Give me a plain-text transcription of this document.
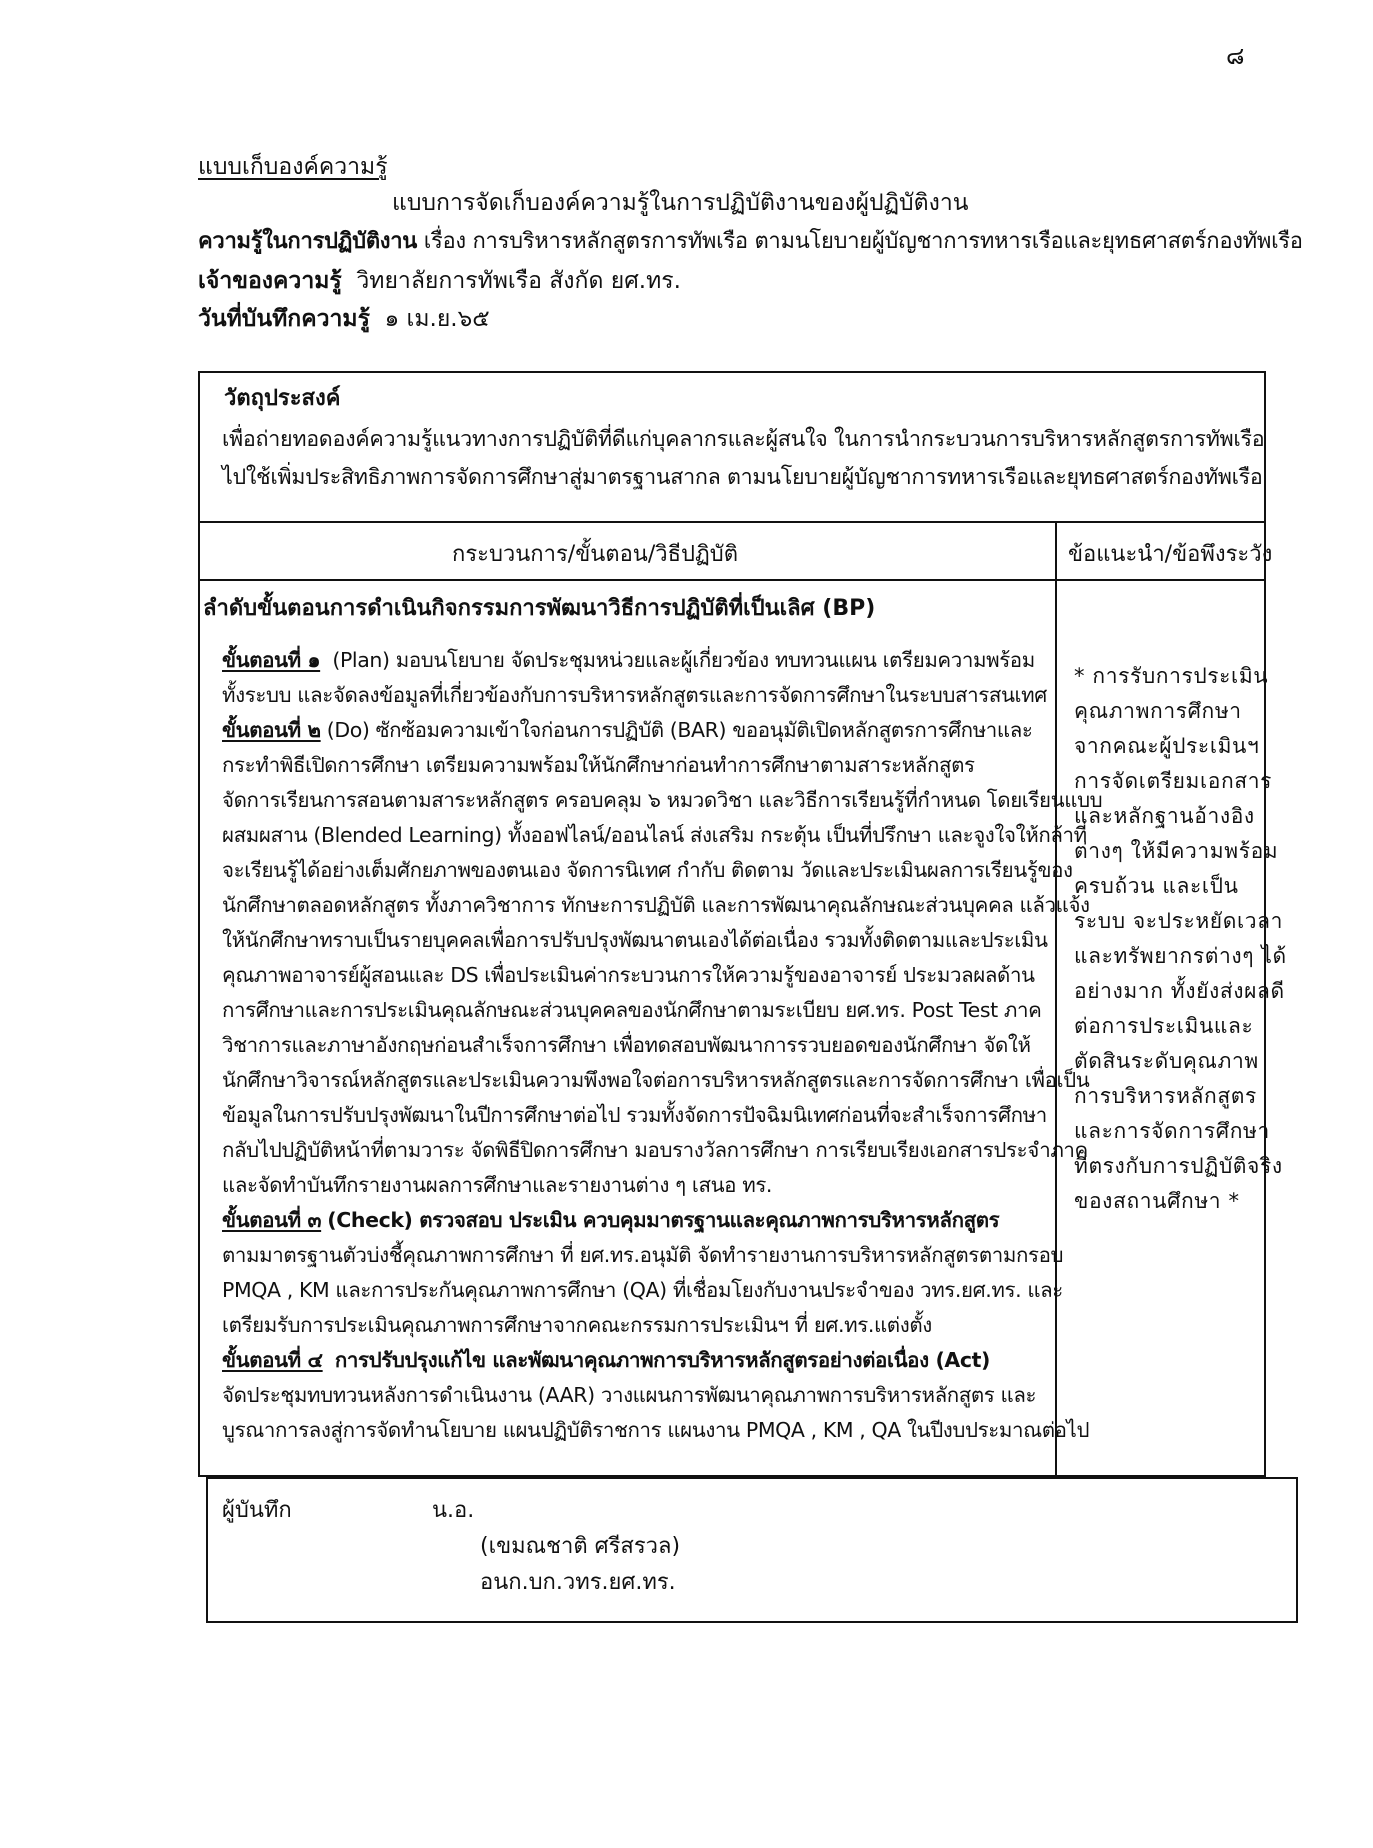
๘
แบบเก็บองค์ความรู้
แบบการจัดเก็บองค์ความรู้ในการปฏิบัติงานของผู้ปฏิบัติงาน
ความรู้ในการปฏิบัติงาน เรื่อง การบริหารหลักสูตรการทัพเรือ ตามนโยบายผู้บัญชาการทหารเรือและยุทธศาสตร์กองทัพเรือ
เจ้าของความรู้ วิทยาลัยการทัพเรือ สังกัด ยศ.ทร.
วันที่บันทึกความรู้ ๑ เม.ย.๖๕
วัตถุประสงค์
เพื่อถ่ายทอดองค์ความรู้แนวทางการปฏิบัติที่ดีแก่บุคลากรและผู้สนใจ ในการนำกระบวนการบริหารหลักสูตรการทัพเรือ
ไปใช้เพิ่มประสิทธิภาพการจัดการศึกษาสู่มาตรฐานสากล ตามนโยบายผู้บัญชาการทหารเรือและยุทธศาสตร์กองทัพเรือ
กระบวนการ/ขั้นตอน/วิธีปฏิบัติ	ข้อแนะนำ/ข้อพึงระวัง
ลำดับขั้นตอนการดำเนินกิจกรรมการพัฒนาวิธีการปฏิบัติที่เป็นเลิศ (BP)
ขั้นตอนที่ ๑ (Plan) มอบนโยบาย จัดประชุมหน่วยและผู้เกี่ยวข้อง ทบทวนแผน เตรียมความพร้อม
ทั้งระบบ และจัดลงข้อมูลที่เกี่ยวข้องกับการบริหารหลักสูตรและการจัดการศึกษาในระบบสารสนเทศ
ขั้นตอนที่ ๒ (Do) ซักซ้อมความเข้าใจก่อนการปฏิบัติ (BAR) ขออนุมัติเปิดหลักสูตรการศึกษาและ
กระทำพิธีเปิดการศึกษา เตรียมความพร้อมให้นักศึกษาก่อนทำการศึกษาตามสาระหลักสูตร
จัดการเรียนการสอนตามสาระหลักสูตร ครอบคลุม ๖ หมวดวิชา และวิธีการเรียนรู้ที่กำหนด โดยเรียนแบบ
ผสมผสาน (Blended Learning) ทั้งออฟไลน์/ออนไลน์ ส่งเสริม กระตุ้น เป็นที่ปรึกษา และจูงใจให้กล้าที่
จะเรียนรู้ได้อย่างเต็มศักยภาพของตนเอง จัดการนิเทศ กำกับ ติดตาม วัดและประเมินผลการเรียนรู้ของ
นักศึกษาตลอดหลักสูตร ทั้งภาควิชาการ ทักษะการปฏิบัติ และการพัฒนาคุณลักษณะส่วนบุคคล แล้วแจ้ง
ให้นักศึกษาทราบเป็นรายบุคคลเพื่อการปรับปรุงพัฒนาตนเองได้ต่อเนื่อง รวมทั้งติดตามและประเมิน
คุณภาพอาจารย์ผู้สอนและ DS เพื่อประเมินค่ากระบวนการให้ความรู้ของอาจารย์ ประมวลผลด้าน
การศึกษาและการประเมินคุณลักษณะส่วนบุคคลของนักศึกษาตามระเบียบ ยศ.ทร. Post Test ภาค
วิชาการและภาษาอังกฤษก่อนสำเร็จการศึกษา เพื่อทดสอบพัฒนาการรวบยอดของนักศึกษา จัดให้
นักศึกษาวิจารณ์หลักสูตรและประเมินความพึงพอใจต่อการบริหารหลักสูตรและการจัดการศึกษา เพื่อเป็น
ข้อมูลในการปรับปรุงพัฒนาในปีการศึกษาต่อไป รวมทั้งจัดการปัจฉิมนิเทศก่อนที่จะสำเร็จการศึกษา
กลับไปปฏิบัติหน้าที่ตามวาระ จัดพิธีปิดการศึกษา มอบรางวัลการศึกษา การเรียบเรียงเอกสารประจำภาค
และจัดทำบันทึกรายงานผลการศึกษาและรายงานต่าง ๆ เสนอ ทร.
ขั้นตอนที่ ๓ (Check) ตรวจสอบ ประเมิน ควบคุมมาตรฐานและคุณภาพการบริหารหลักสูตร
ตามมาตรฐานตัวบ่งชี้คุณภาพการศึกษา ที่ ยศ.ทร.อนุมัติ จัดทำรายงานการบริหารหลักสูตรตามกรอบ
PMQA , KM และการประกันคุณภาพการศึกษา (QA) ที่เชื่อมโยงกับงานประจำของ วทร.ยศ.ทร. และ
เตรียมรับการประเมินคุณภาพการศึกษาจากคณะกรรมการประเมินฯ ที่ ยศ.ทร.แต่งตั้ง
ขั้นตอนที่ ๔ การปรับปรุงแก้ไข และพัฒนาคุณภาพการบริหารหลักสูตรอย่างต่อเนื่อง (Act)
จัดประชุมทบทวนหลังการดำเนินงาน (AAR) วางแผนการพัฒนาคุณภาพการบริหารหลักสูตร และ
บูรณาการลงสู่การจัดทำนโยบาย แผนปฏิบัติราชการ แผนงาน PMQA , KM , QA ในปีงบประมาณต่อไป
* การรับการประเมิน
คุณภาพการศึกษา
จากคณะผู้ประเมินฯ
การจัดเตรียมเอกสาร
และหลักฐานอ้างอิง
ต่างๆ ให้มีความพร้อม
ครบถ้วน และเป็น
ระบบ จะประหยัดเวลา
และทรัพยากรต่างๆ ได้
อย่างมาก ทั้งยังส่งผลดี
ต่อการประเมินและ
ตัดสินระดับคุณภาพ
การบริหารหลักสูตร
และการจัดการศึกษา
ที่ตรงกับการปฏิบัติจริง
ของสถานศึกษา *
ผู้บันทึก	น.อ.
(เขมณชาติ ศรีสรวล)
อนก.บก.วทร.ยศ.ทร.
